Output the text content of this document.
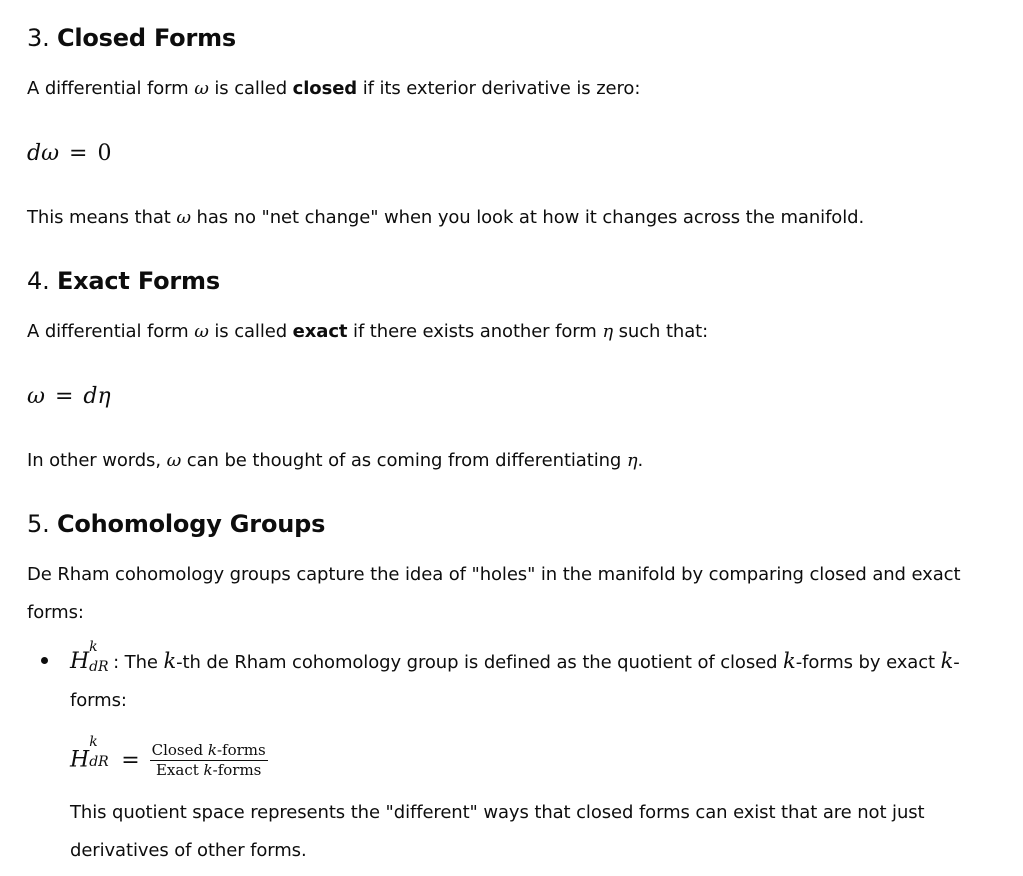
3. Closed Forms

A differential form ω is called closed if its exterior derivative is zero:

dω = 0

This means that ω has no "net change" when you look at how it changes across the manifold.

4. Exact Forms

A differential form ω is called exact if there exists another form η such that:

ω = dη

In other words, ω can be thought of as coming from differentiating η.

5. Cohomology Groups

De Rham cohomology groups capture the idea of "holes" in the manifold by comparing closed and exact forms:

H
k
dR : The k-th de Rham cohomology group is defined as the quotient of closed k-forms by exact k-forms:

H
k
dR = $\frac{\text{Closed k-forms}}{\text{Exact k-forms}}$

This quotient space represents the "different" ways that closed forms can exist that are not just derivatives of other forms.
